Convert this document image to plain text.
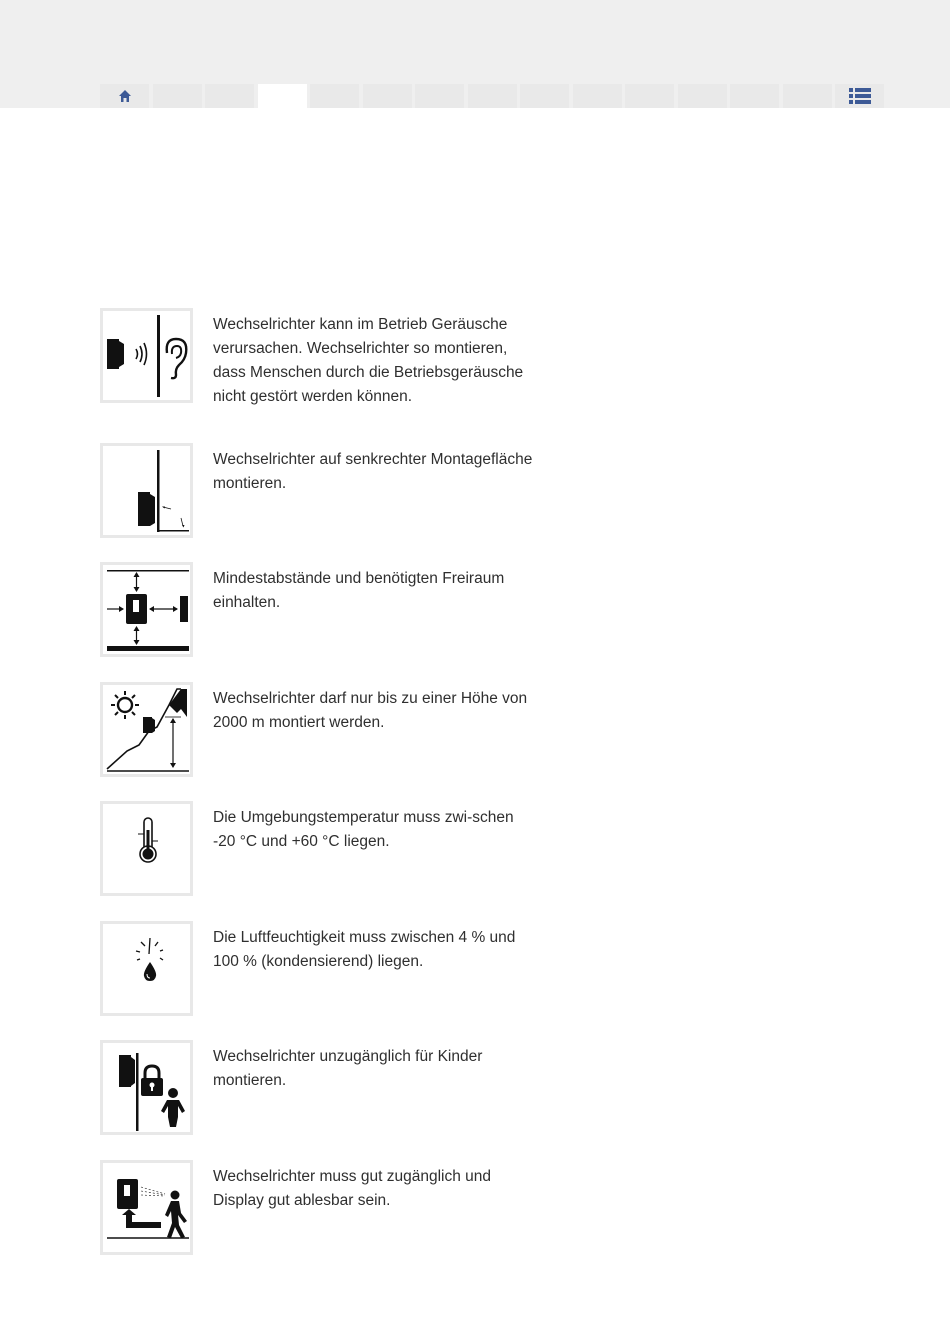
Wechselrichter kann im Betrieb Geräusche verursachen. Wechselrichter so montieren, dass Menschen durch die Betriebsgeräusche nicht gestört werden können.
Wechselrichter auf senkrechter Montagefläche montieren.
Mindestabstände und benötigten Freiraum einhalten.
Wechselrichter darf nur bis zu einer Höhe von 2000 m montiert werden.
Die Umgebungstemperatur muss zwi-schen -20 °C und +60 °C liegen.
Die Luftfeuchtigkeit muss zwischen 4 % und 100 % (kondensierend) liegen.
Wechselrichter unzugänglich für Kinder montieren.
Wechselrichter muss gut zugänglich und Display gut ablesbar sein.
